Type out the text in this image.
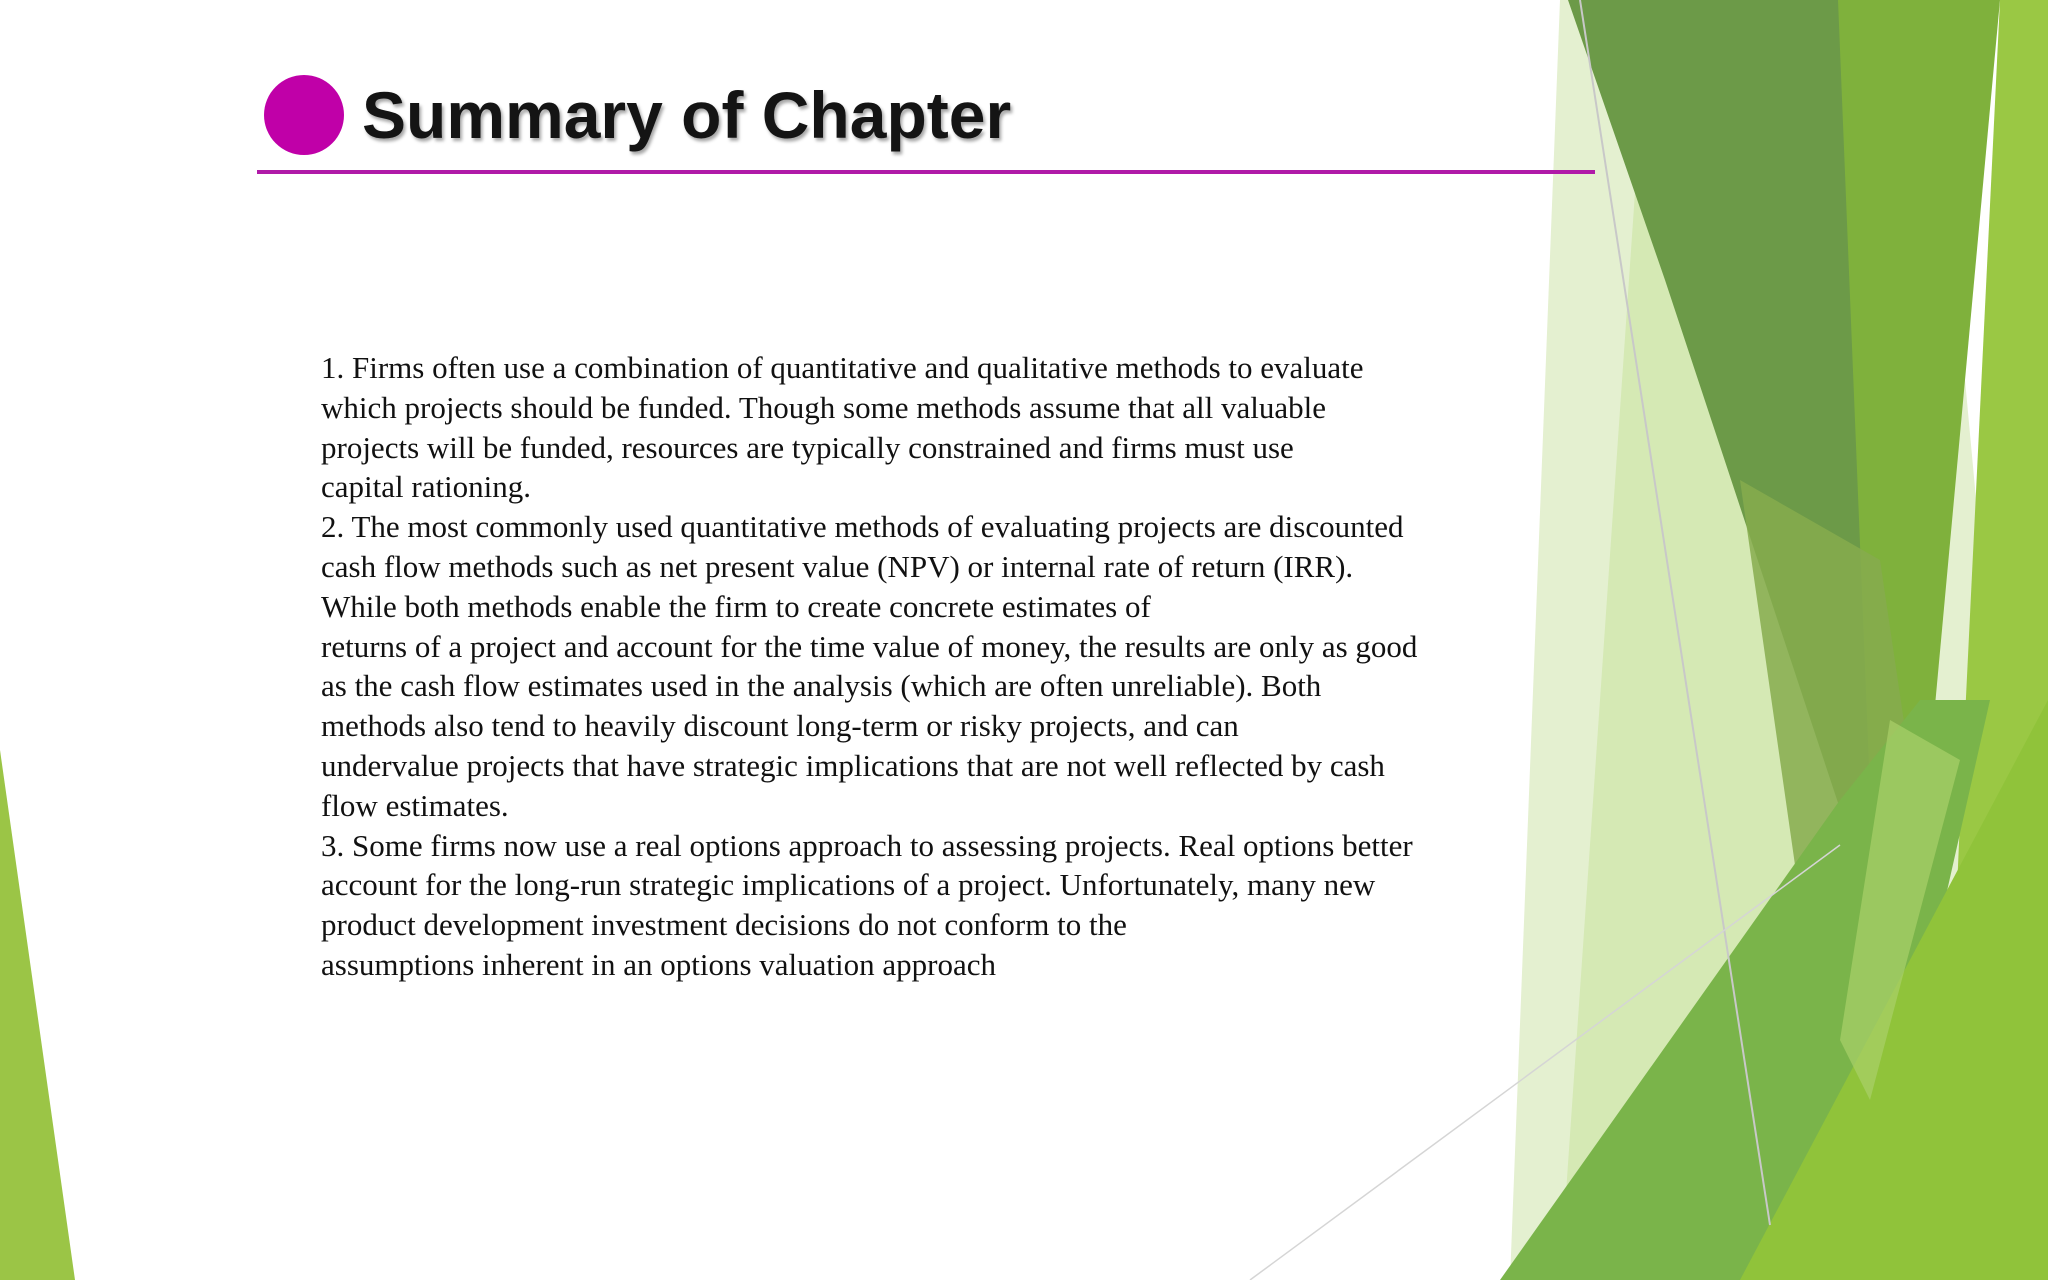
Summary of Chapter
1. Firms often use a combination of quantitative and qualitative methods to evaluate
which projects should be funded. Though some methods assume that all valuable
projects will be funded, resources are typically constrained and firms must use
capital rationing.
2. The most commonly used quantitative methods of evaluating projects are discounted
cash flow methods such as net present value (NPV) or internal rate of return (IRR).
While both methods enable the firm to create concrete estimates of
returns of a project and account for the time value of money, the results are only as good
as the cash flow estimates used in the analysis (which are often unreliable). Both
methods also tend to heavily discount long-term or risky projects, and can
undervalue projects that have strategic implications that are not well reflected by cash
flow estimates.
3. Some firms now use a real options approach to assessing projects. Real options better
account for the long-run strategic implications of a project. Unfortunately, many new
product development investment decisions do not conform to the
assumptions inherent in an options valuation approach
